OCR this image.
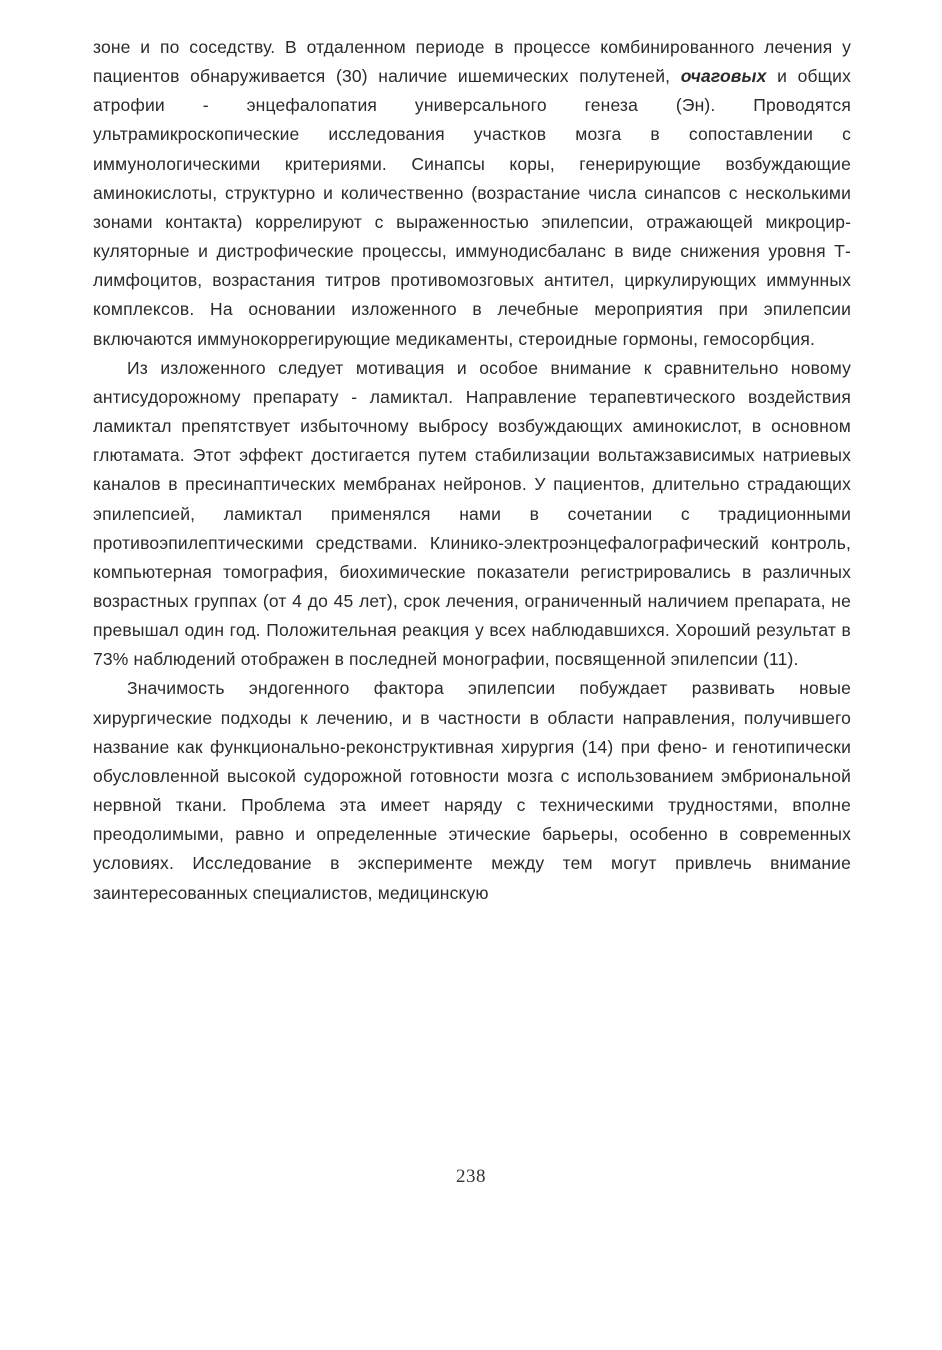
зоне и по соседству. В отдаленном периоде в процессе комбинированного лечения у пациентов обнаруживается (30) наличие ишемических полутеней, очаговых и общих атрофии - энцефалопатия универсального генеза (Эн). Проводятся ультрамикроскопические исследования участков мозга в сопоставлении с иммунологическими критериями. Синапсы коры, генерирующие возбуждающие аминокислоты, структурно и количественно (возрастание числа синапсов с несколькими зонами контакта) коррелируют с выраженностью эпилепсии, отражающей микроциркуляторные и дистрофические процессы, иммунодисбаланс в виде снижения уровня Т-лимфоцитов, возрастания титров противомозговых антител, циркулирующих иммунных комплексов. На основании изложенного в лечебные мероприятия при эпилепсии включаются иммунокоррегирующие медикаменты, стероидные гормоны, гемосорбция.

Из изложенного следует мотивация и особое внимание к сравнительно новому антисудорожному препарату - ламиктал. Направление терапевтического воздействия ламиктал препятствует избыточному выбросу возбуждающих аминокислот, в основном глютамата. Этот эффект достигается путем стабилизации вольтажзависимых натриевых каналов в пресинаптических мембранах нейронов. У пациентов, длительно страдающих эпилепсией, ламиктал применялся нами в сочетании с традиционными противоэпилептическими средствами. Клинико-электроэнцефалографический контроль, компьютерная томография, биохимические показатели регистрировались в различных возрастных группах (от 4 до 45 лет), срок лечения, ограниченный наличием препарата, не превышал один год. Положительная реакция у всех наблюдавшихся. Хороший результат в 73% наблюдений отображен в последней монографии, посвященной эпилепсии (11).

Значимость эндогенного фактора эпилепсии побуждает развивать новые хирургические подходы к лечению, и в частности в области направления, получившего название как функционально-реконструктивная хирургия (14) при фено- и генотипически обусловленной высокой судорожной готовности мозга с использованием эмбриональной нервной ткани. Проблема эта имеет наряду с техническими трудностями, вполне преодолимыми, равно и определенные этические барьеры, особенно в современных условиях. Исследование в эксперименте между тем могут привлечь внимание заинтересованных специалистов, медицинскую

238
